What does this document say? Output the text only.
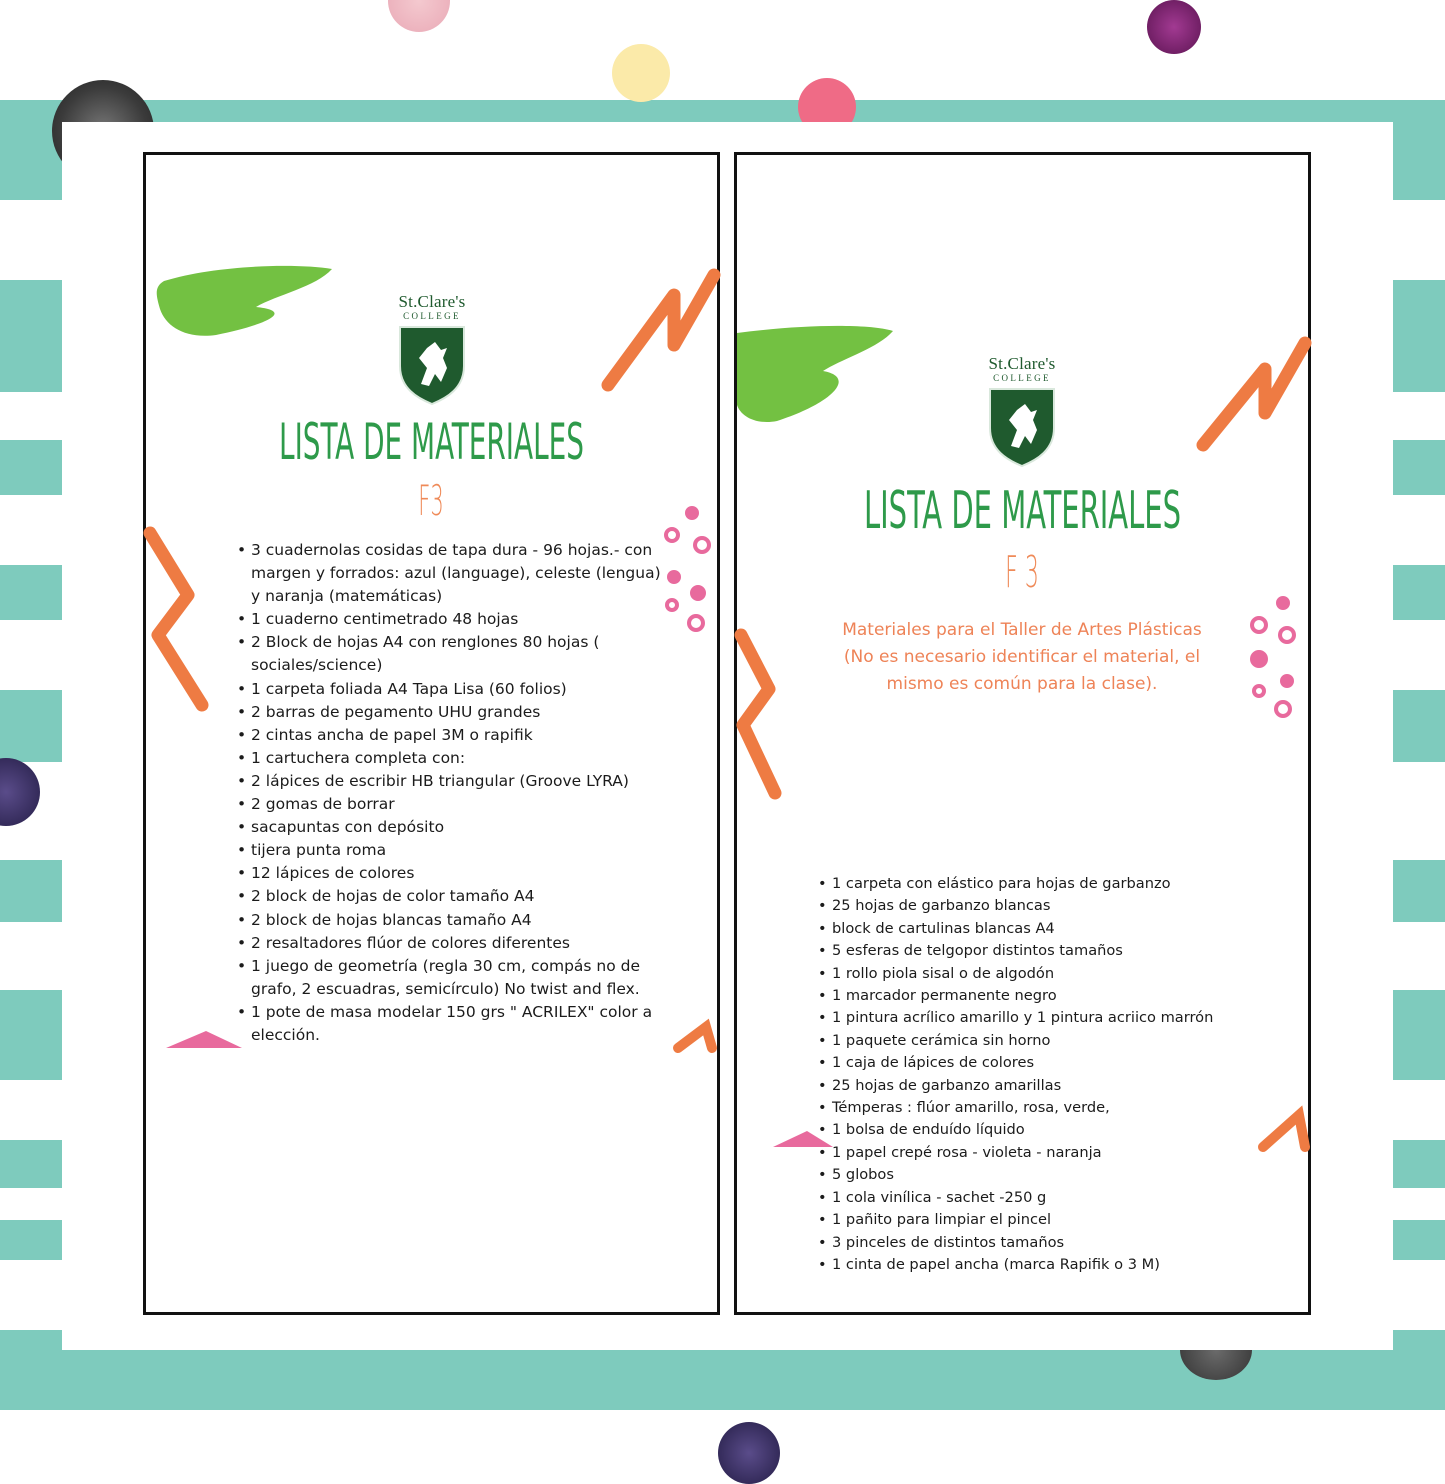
St.Clare's
COLLEGE
LISTA DE MATERIALES
F3
• 3 cuadernolas cosidas de tapa dura - 96 hojas.- con margen y forrados: azul (language), celeste (lengua) y naranja (matemáticas)
• 1 cuaderno centimetrado 48 hojas
• 2 Block de hojas A4 con renglones 80 hojas ( sociales/science)
• 1 carpeta foliada A4 Tapa Lisa (60 folios)
• 2 barras de pegamento UHU grandes
• 2 cintas ancha de papel 3M o rapifik
• 1 cartuchera completa con:
• 2 lápices de escribir HB triangular (Groove LYRA)
• 2 gomas de borrar
• sacapuntas con depósito
• tijera punta roma
• 12 lápices de colores
• 2 block de hojas de color tamaño A4
• 2 block de hojas blancas tamaño A4
• 2 resaltadores flúor de colores diferentes
• 1 juego de geometría (regla 30 cm, compás no de grafo, 2 escuadras, semicírculo) No twist and flex.
• 1 pote de masa modelar 150 grs " ACRILEX" color a elección.
St.Clare's
COLLEGE
LISTA DE MATERIALES
F 3
Materiales para el Taller de Artes Plásticas
(No es necesario identificar el material, el
mismo es común para la clase).
• 1 carpeta con elástico para hojas de garbanzo
• 25 hojas de garbanzo blancas
• block de cartulinas blancas A4
• 5 esferas de telgopor distintos tamaños
• 1 rollo piola sisal o de algodón
• 1 marcador permanente negro
• 1 pintura acrílico amarillo y 1 pintura acriico marrón
• 1 paquete cerámica sin horno
• 1 caja de lápices de colores
• 25 hojas de garbanzo amarillas
• Témperas : flúor amarillo, rosa, verde,
• 1 bolsa de enduído líquido
• 1 papel crepé rosa - violeta - naranja
• 5 globos
• 1 cola vinílica - sachet -250 g
• 1 pañito para limpiar el pincel
• 3 pinceles de distintos tamaños
• 1 cinta de papel ancha (marca Rapifik o 3 M)
